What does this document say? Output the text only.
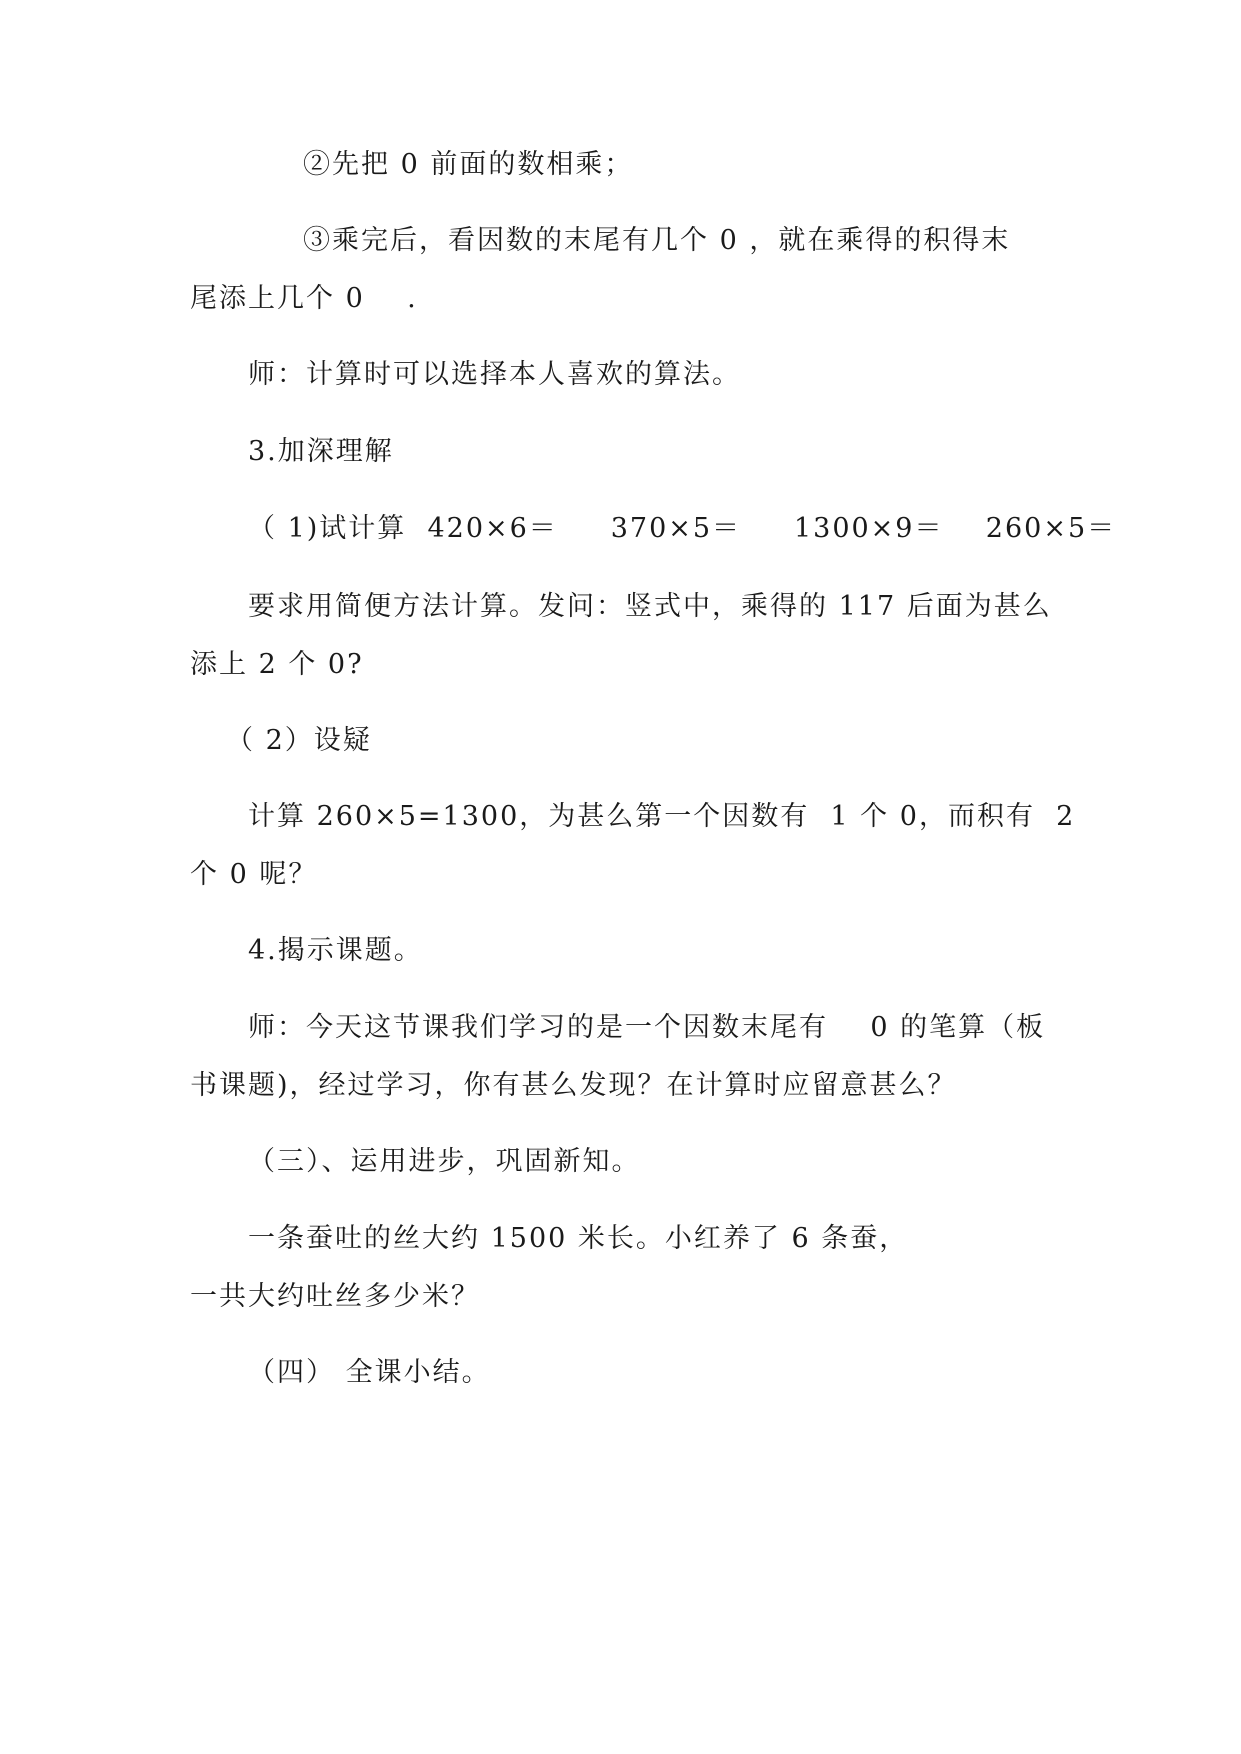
②先把 0 前面的数相乘；
③乘完后，看因数的末尾有几个 0 ，就在乘得的积得末
尾添上几个 0    .
师：计算时可以选择本人喜欢的算法。
3.加深理解
（ 1)试计算  420×6＝     370×5＝     1300×9＝    260×5＝
要求用简便方法计算。发问：竖式中，乘得的 117 后面为甚么
添上 2 个 0?
（ 2）设疑
计算 260×5=1300，为甚么第一个因数有  1 个 0，而积有  2
个 0 呢？
4.揭示课题。
师：今天这节课我们学习的是一个因数末尾有    0 的笔算（板
书课题)，经过学习，你有甚么发现？在计算时应留意甚么？
（三）、运用进步，巩固新知。
一条蚕吐的丝大约 1500 米长。小红养了 6 条蚕，
一共大约吐丝多少米？
（四） 全课小结。
